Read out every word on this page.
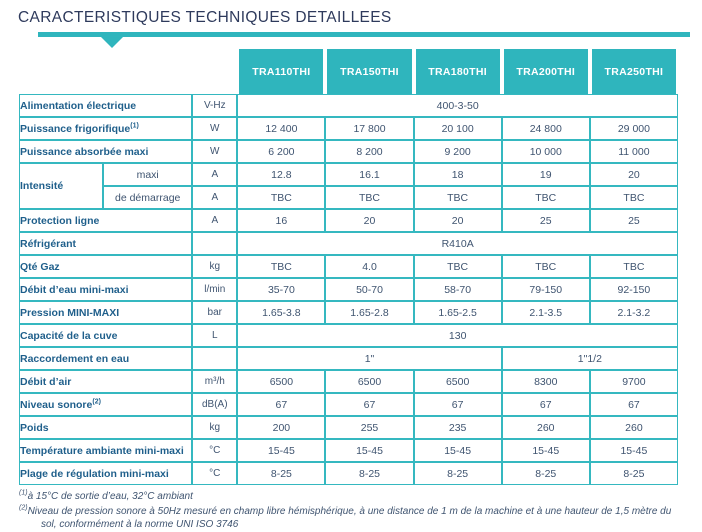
CARACTERISTIQUES TECHNIQUES DETAILLEES
			TRA110THI	TRA150THI	TRA180THI	TRA200THI	TRA250THI
Alimentation électrique		V-Hz	400-3-50				
Puissance frigorifique$^{(1)}$		W	12 400	17 800	20 100	24 800	29 000
Puissance absorbée maxi		W	6 200	8 200	9 200	10 000	11 000
Intensité	maxi	A	12.8	16.1	18	19	20
	de démarrage	A	TBC	TBC	TBC	TBC	TBC
Protection ligne		A	16	20	20	25	25
Réfrigérant			R410A				
Qté Gaz		kg	TBC	4.0	TBC	TBC	TBC
Débit d’eau mini-maxi		l/min	35-70	50-70	58-70	79-150	92-150
Pression MINI-MAXI		bar	1.65-3.8	1.65-2.8	1.65-2.5	2.1-3.5	2.1-3.2
Capacité de la cuve		L	130				
Raccordement en eau			1"			1"1/2	
Débit d’air		m³/h	6500	6500	6500	8300	9700
Niveau sonore$^{(2)}$		dB(A)	67	67	67	67	67
Poids		kg	200	255	235	260	260
Température ambiante mini-maxi		°C	15-45	15-45	15-45	15-45	15-45
Plage de régulation mini-maxi		°C	8-25	8-25	8-25	8-25	8-25

$^{(1)}$à 15°C de sortie d’eau, 32°C ambiant

$^{(2)}$Niveau de pression sonore à 50Hz mesuré en champ libre hémisphérique, à une distance de 1 m de la machine et à une hauteur de 1,5 mètre du
sol, conformément à la norme UNI ISO 3746
